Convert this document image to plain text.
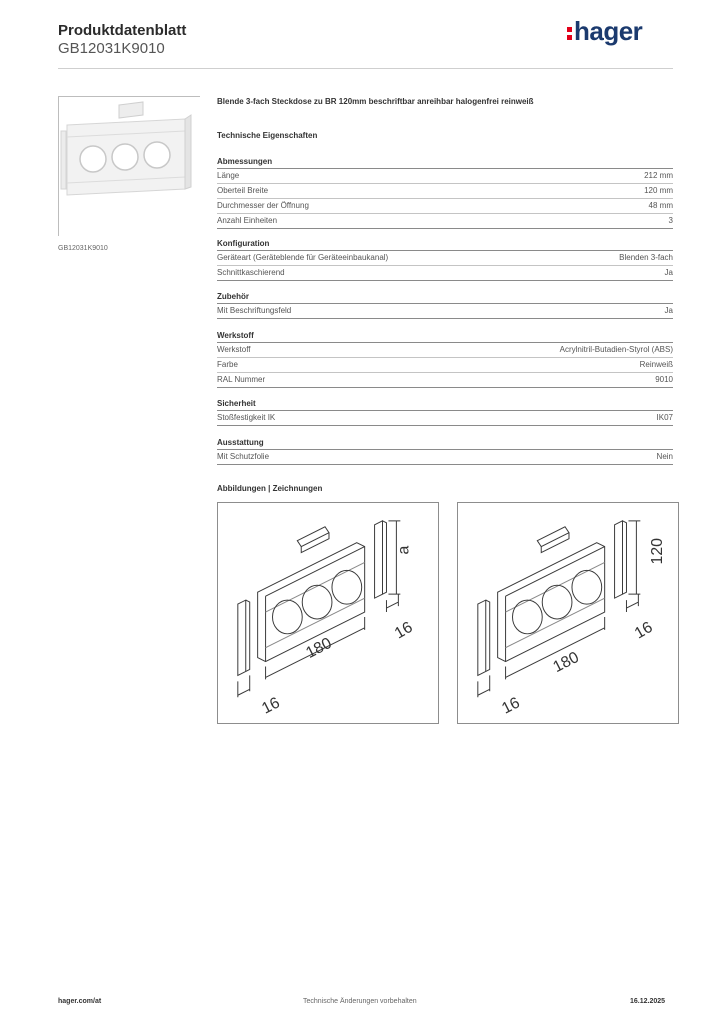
Produktdatenblatt
GB12031K9010
hager
GB12031K9010
Blende 3-fach Steckdose zu BR 120mm beschriftbar anreihbar halogenfrei reinweiß
Technische Eigenschaften
Abmessungen
Länge	212 mm
Oberteil Breite	120 mm
Durchmesser der Öffnung	48 mm
Anzahl Einheiten	3
Konfiguration
Geräteart (Geräteblende für Geräteeinbaukanal)	Blenden 3-fach
Schnittkaschierend	Ja
Zubehör
Mit Beschriftungsfeld	Ja
Werkstoff
Werkstoff	Acrylnitril-Butadien-Styrol (ABS)
Farbe	Reinweiß
RAL Nummer	9010
Sicherheit
Stoßfestigkeit IK	IK07
Ausstattung
Mit Schutzfolie	Nein
Abbildungen | Zeichnungen
a
16
180
16
120
16
180
16
hager.com/at	Technische Änderungen vorbehalten	16.12.2025
